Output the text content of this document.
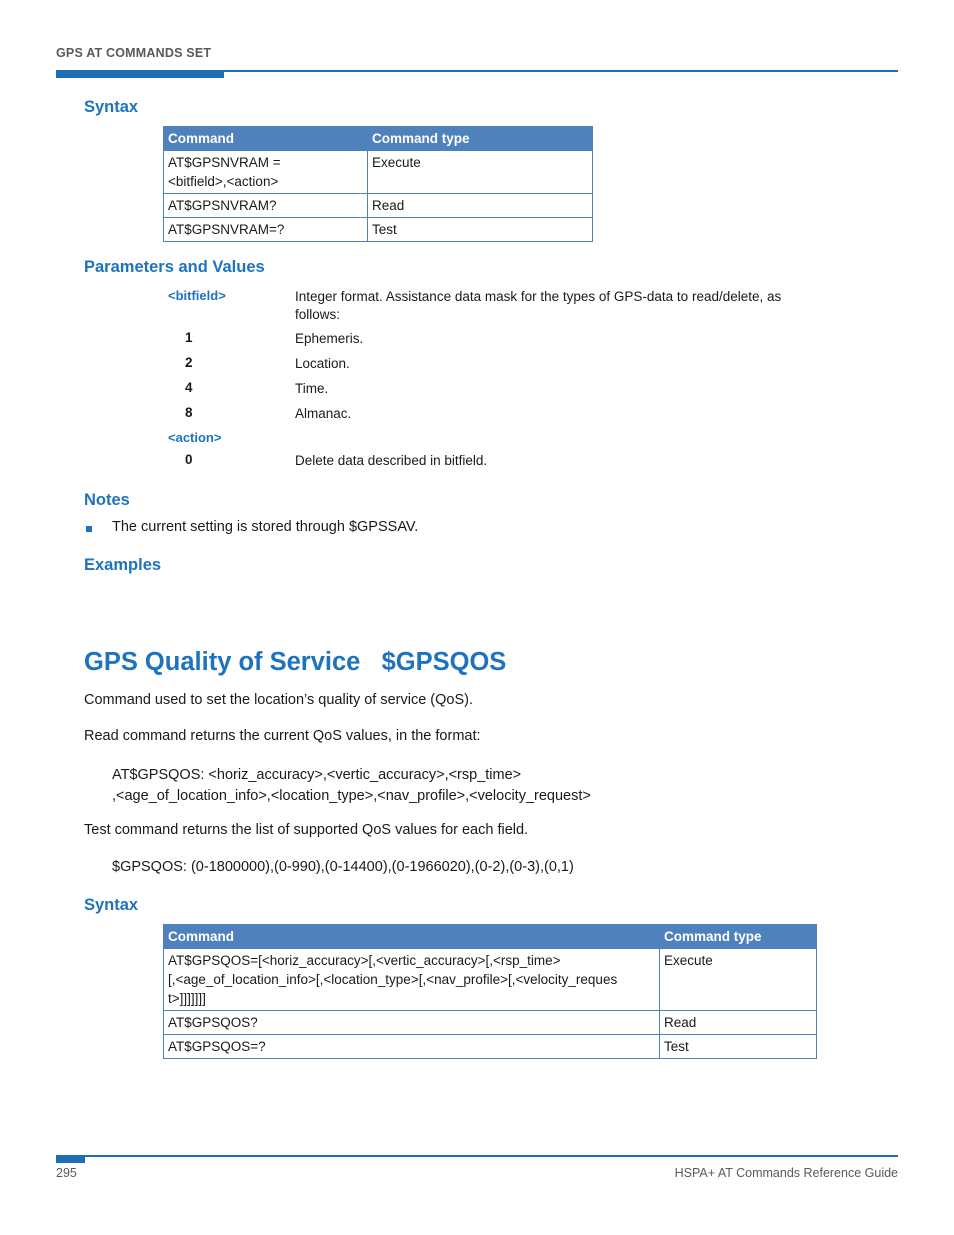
GPS AT COMMANDS SET
Syntax
Command	Command type

AT$GPSNVRAM =
<bitfield>,<action>	Execute
AT$GPSNVRAM?	Read
AT$GPSNVRAM=?	Test
Parameters and Values
<bitfield>	Integer format. Assistance data mask for the types of GPS-data to read/delete, as
follows:
1	Ephemeris.
2	Location.
4	Time.
8	Almanac.
<action>
0	Delete data described in bitfield.
Notes
The current setting is stored through $GPSSAV.
Examples
GPS Quality of Service   $GPSQOS
Command used to set the location’s quality of service (QoS).
Read command returns the current QoS values, in the format:
AT$GPSQOS: <horiz_accuracy>,<vertic_accuracy>,<rsp_time>
,<age_of_location_info>,<location_type>,<nav_profile>,<velocity_request>
Test command returns the list of supported QoS values for each field.
$GPSQOS: (0-1800000),(0-990),(0-14400),(0-1966020),(0-2),(0-3),(0,1)
Syntax
Command	Command type

AT$GPSQOS=[<horiz_accuracy>[,<vertic_accuracy>[,<rsp_time>
[,<age_of_location_info>[,<location_type>[,<nav_profile>[,<velocity_reques
t>]]]]]]]	Execute
AT$GPSQOS?	Read
AT$GPSQOS=?	Test
295	HSPA+ AT Commands Reference Guide
